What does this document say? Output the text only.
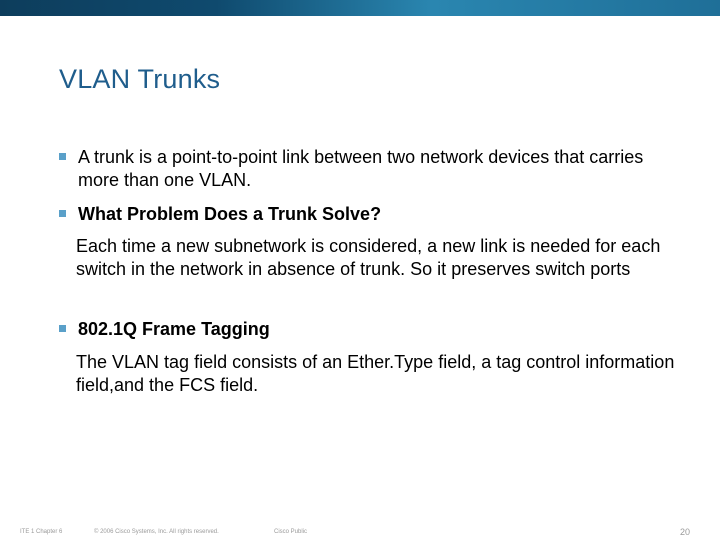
VLAN Trunks
A trunk is a point-to-point link between two network devices that carries more than one VLAN.
What Problem Does a Trunk Solve?
Each time a new subnetwork is considered, a new link is needed for each switch in the network in absence of trunk. So it preserves switch ports
802.1Q Frame Tagging
The VLAN tag field consists of an Ether.Type field, a tag control information field,and the FCS field.
ITE 1 Chapter 6	© 2006 Cisco Systems, Inc. All rights reserved.	Cisco Public	20
